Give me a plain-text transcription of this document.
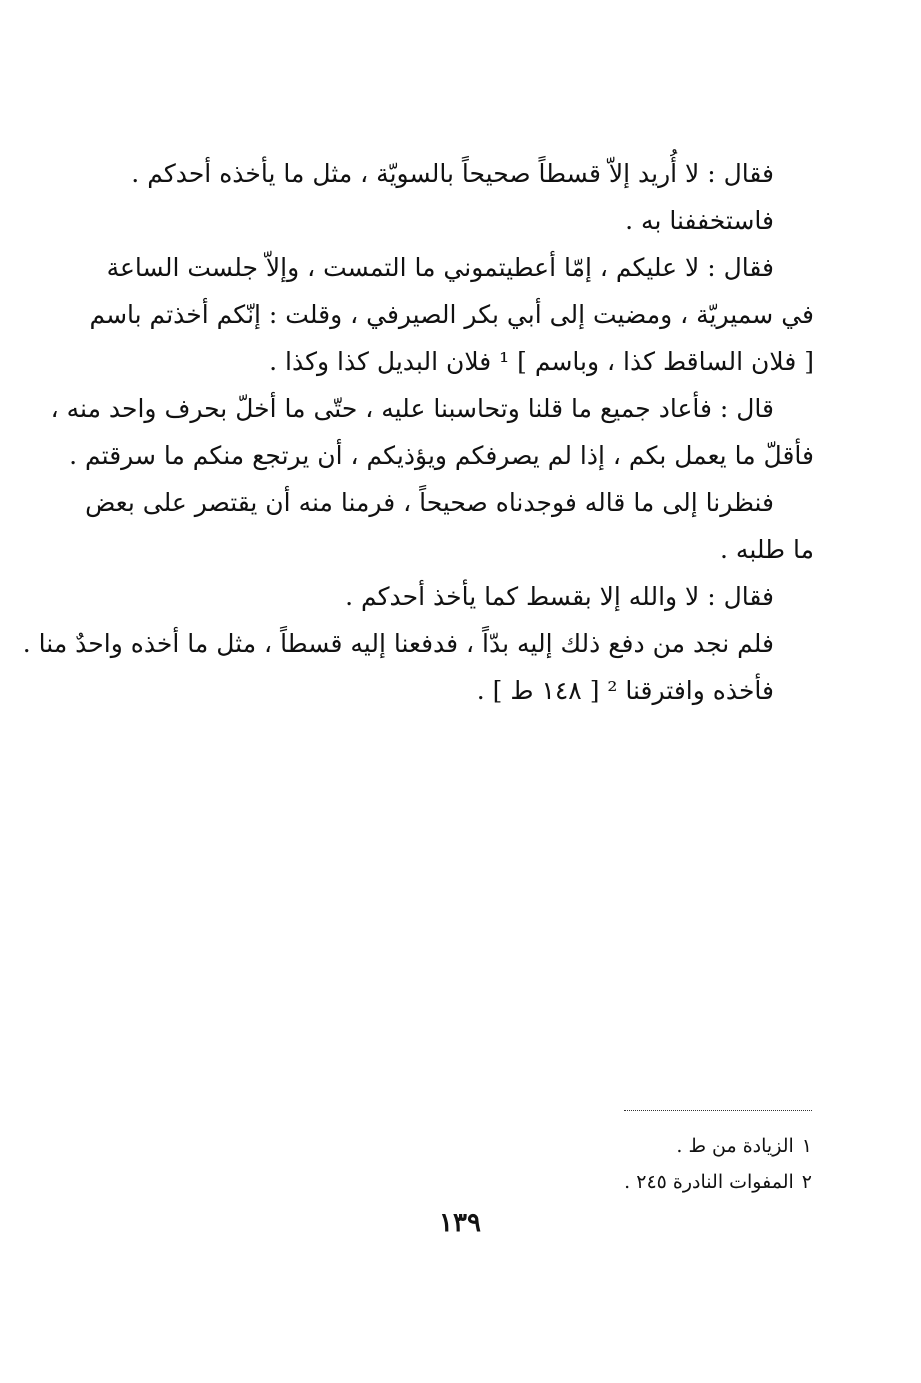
فقال : لا أُريد إلاّ قسطاً صحيحاً بالسويّة ، مثل ما يأخذه أحدكم .
فاستخففنا به .
فقال : لا عليكم ، إمّا أعطيتموني ما التمست ، وإلاّ جلست الساعة
في سميريّة ، ومضيت إلى أبي بكر الصيرفي ، وقلت : إنّكم أخذتم باسم
[ فلان الساقط كذا ، وباسم ] ¹ فلان البديل كذا وكذا .
قال : فأعاد جميع ما قلنا وتحاسبنا عليه ، حتّى ما أخلّ بحرف واحد منه ،
فأقلّ ما يعمل بكم ، إذا لم يصرفكم ويؤذيكم ، أن يرتجع منكم ما سرقتم .
فنظرنا إلى ما قاله فوجدناه صحيحاً ، فرمنا منه أن يقتصر على بعض
ما طلبه .
فقال : لا والله إلا بقسط كما يأخذ أحدكم .
فلم نجد من دفع ذلك إليه بدّاً ، فدفعنا إليه قسطاً ، مثل ما أخذه واحدٌ منا .
فأخذه وافترقنا ² [ ١٤٨ ط ] .
١الزيادة من ط .
٢المفوات النادرة ٢٤٥ .
١٣٩
